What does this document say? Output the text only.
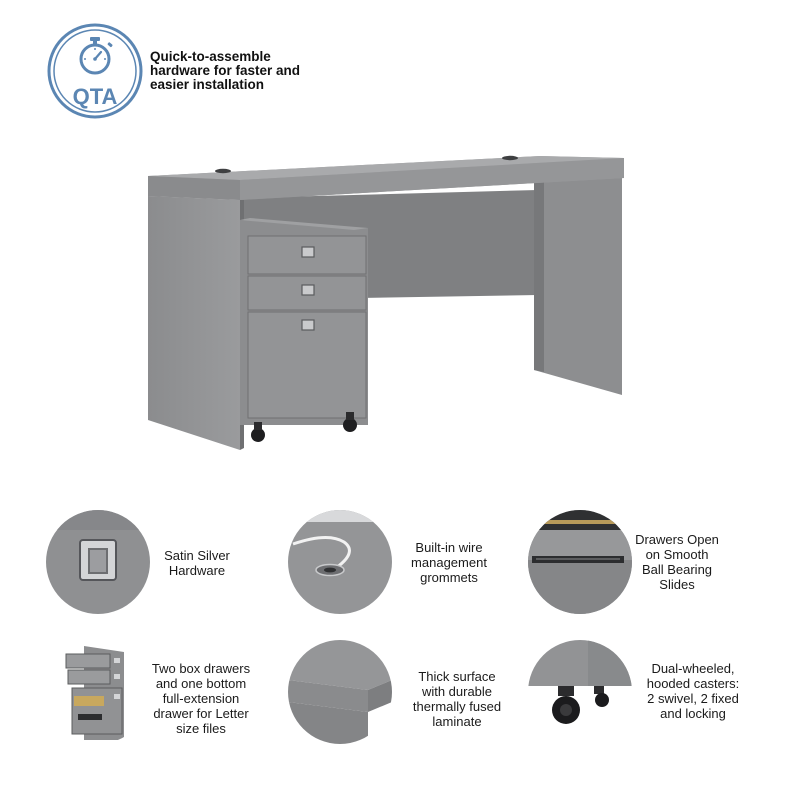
QTA
Quick-to-assemble
hardware for faster and
easier installation
Satin Silver
Hardware
Built-in wire
management
grommets
Drawers Open
on Smooth
Ball Bearing
Slides
Two box drawers
and one bottom
full-extension
drawer for Letter
size files
Thick surface
with durable
thermally fused
laminate
Dual-wheeled,
hooded casters:
2 swivel, 2 fixed
and locking
